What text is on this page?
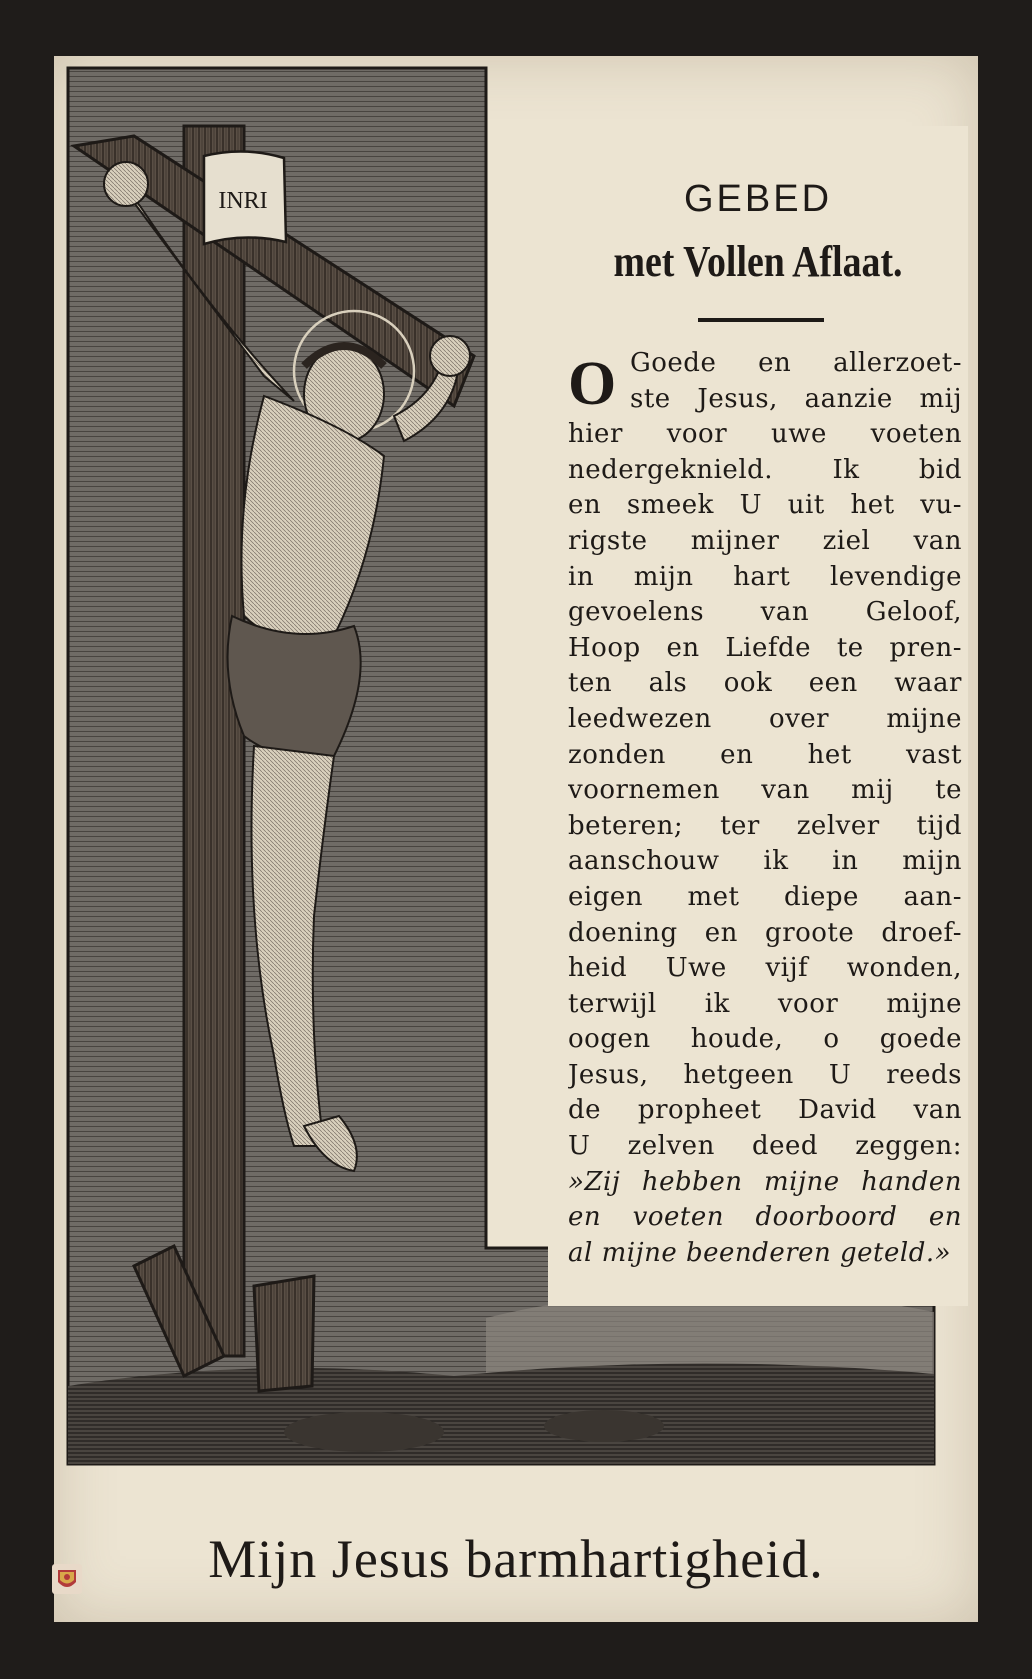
INRI	GEBED
met Vollen Aflaat.
O Goede en allerzoet-
ste Jesus, aanzie mij
hier voor uwe voeten
nedergeknield. Ik bid
en smeek U uit het vu-
rigste mijner ziel van
in mijn hart levendige
gevoelens van Geloof,
Hoop en Liefde te pren-
ten als ook een waar
leedwezen over mijne
zonden en het vast
voornemen van mij te
beteren; ter zelver tijd
aanschouw ik in mijn
eigen met diepe aan-
doening en groote droef-
heid Uwe vijf wonden,
terwijl ik voor mijne
oogen houde, o goede
Jesus, hetgeen U reeds
de propheet David van
U zelven deed zeggen:
»Zij hebben mijne handen
en voeten doorboord en
al mijne beenderen geteld.»
Mijn Jesus barmhartigheid.
